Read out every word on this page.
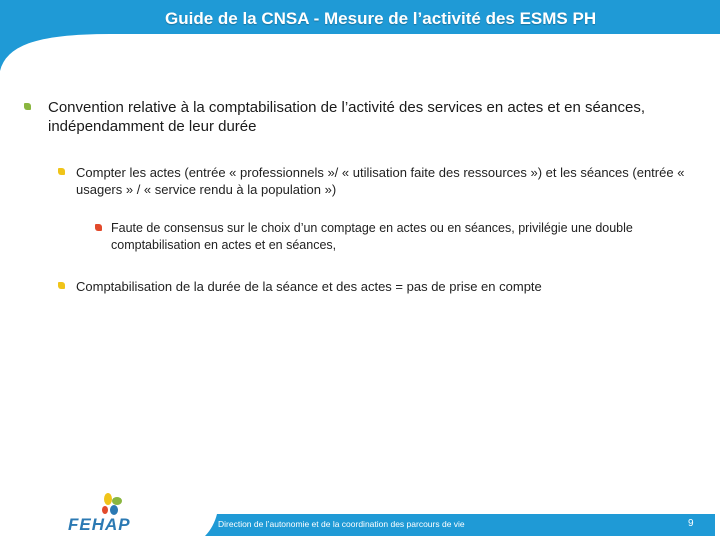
Guide de la CNSA - Mesure de l’activité des ESMS PH
Convention relative à la comptabilisation de l’activité des services en actes et en séances, indépendamment de leur durée
Compter les actes (entrée « professionnels »/ « utilisation faite des ressources ») et les séances (entrée « usagers » / « service rendu à la population »)
Faute de consensus sur le choix d’un comptage en actes ou en séances, privilégie une double comptabilisation en actes et en séances,
Comptabilisation de la durée de la séance et des actes = pas de prise en compte
FEHAP	Direction de l’autonomie et de la coordination des parcours de vie	9
